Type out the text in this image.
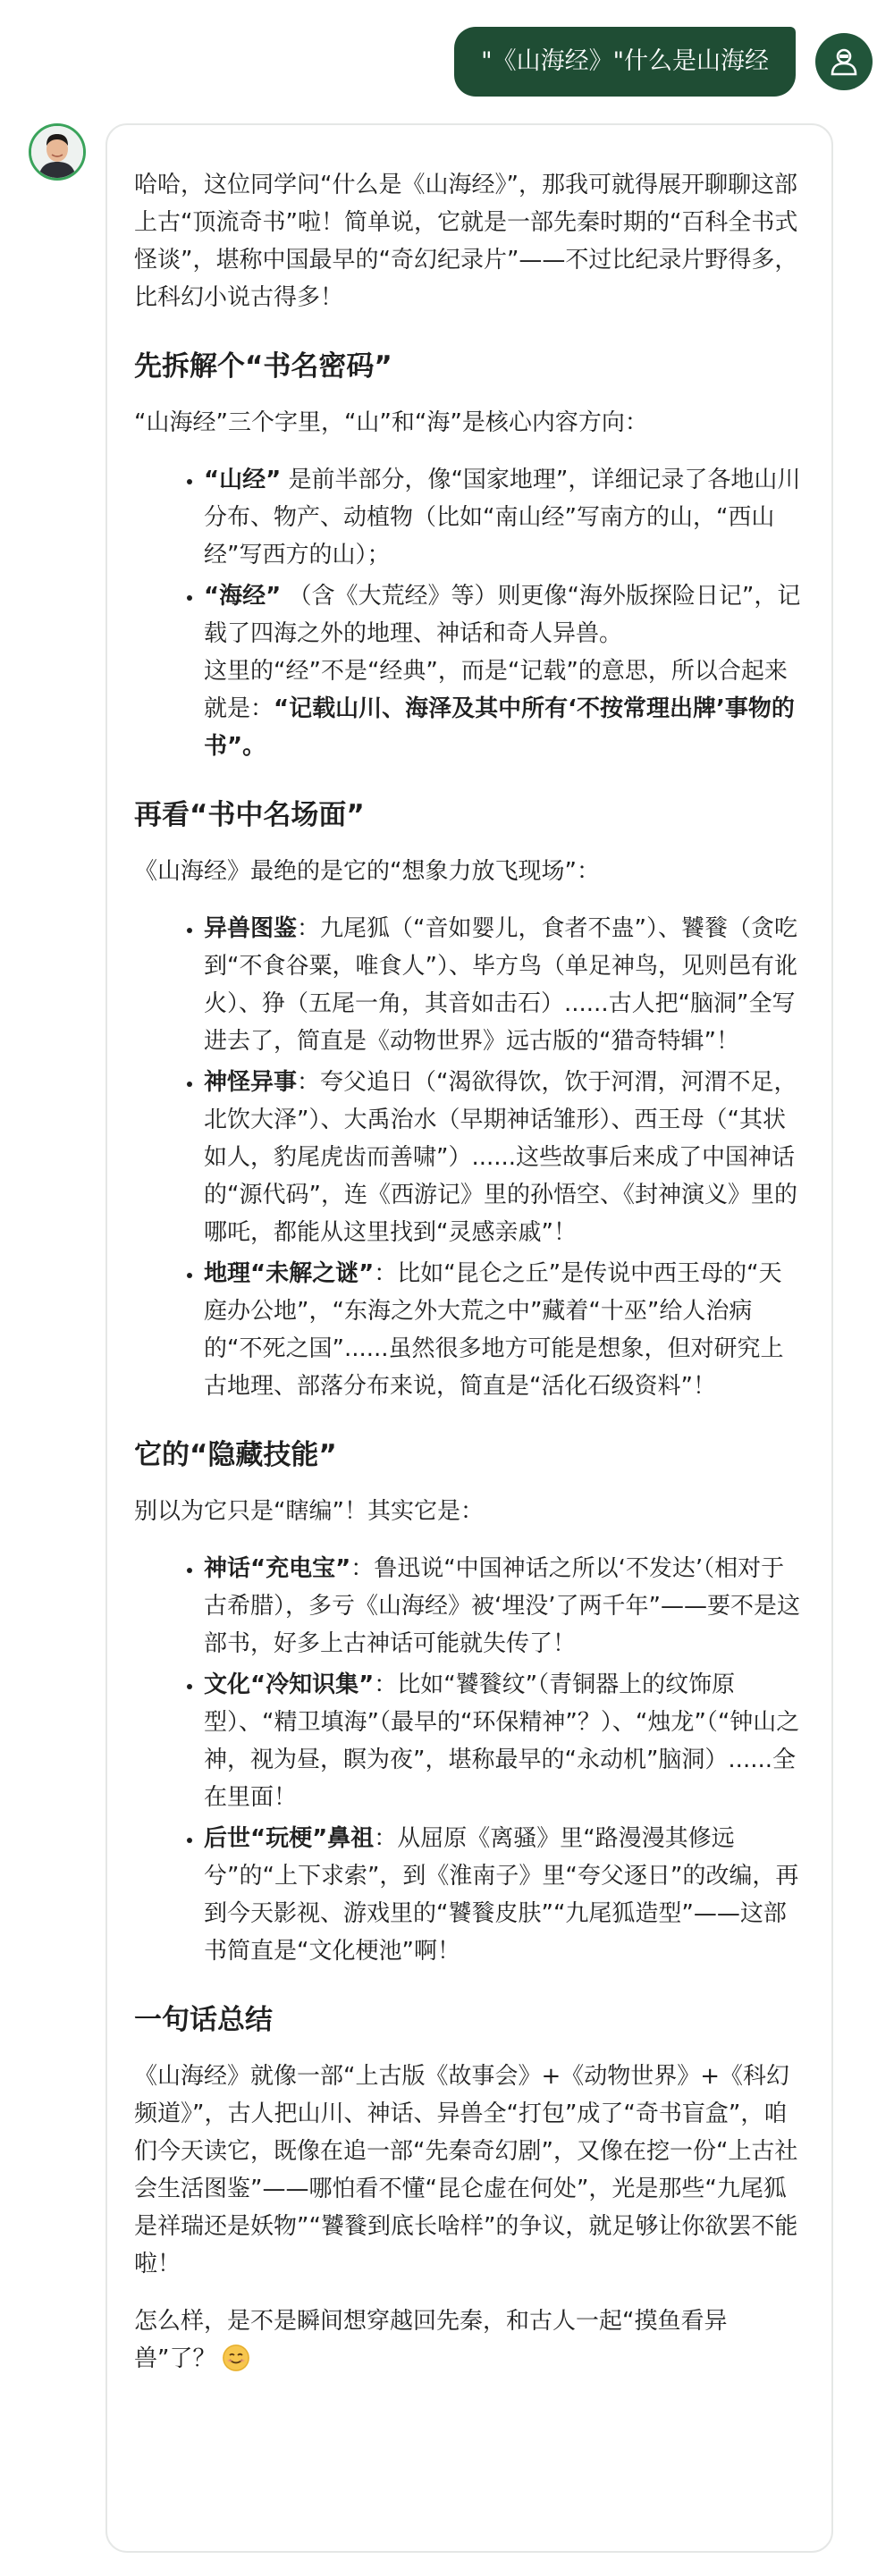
"《山海经》"什么是山海经

哈哈，这位同学问“什么是《山海经》”，那我可就得展开聊聊这部上古“顶流奇书”啦！简单说，它就是一部先秦时期的“百科全书式怪谈”，堪称中国最早的“奇幻纪录片”——不过比纪录片野得多，比科幻小说古得多！

先拆解个“书名密码”

“山海经”三个字里，“山”和“海”是核心内容方向：

• “山经” 是前半部分，像“国家地理”，详细记录了各地山川分布、物产、动植物（比如“南山经”写南方的山，“西山经”写西方的山）；
• “海经” （含《大荒经》等）则更像“海外版探险日记”，记载了四海之外的地理、神话和奇人异兽。
这里的“经”不是“经典”，而是“记载”的意思，所以合起来就是：“记载山川、海泽及其中所有‘不按常理出牌’事物的书”。
再看“书中名场面”

《山海经》最绝的是它的“想象力放飞现场”：

• 异兽图鉴：九尾狐（“音如婴儿，食者不蛊”）、饕餮（贪吃到“不食谷粟，唯食人”）、毕方鸟（单足神鸟，见则邑有讹火）、狰（五尾一角，其音如击石）......古人把“脑洞”全写进去了，简直是《动物世界》远古版的“猎奇特辑”！
• 神怪异事：夸父追日（“渴欲得饮，饮于河渭，河渭不足，北饮大泽”）、大禹治水（早期神话雏形）、西王母（“其状如人，豹尾虎齿而善啸”）......这些故事后来成了中国神话的“源代码”，连《西游记》里的孙悟空、《封神演义》里的哪吒，都能从这里找到“灵感亲戚”！
• 地理“未解之谜”：比如“昆仑之丘”是传说中西王母的“天庭办公地”，“东海之外大荒之中”藏着“十巫”给人治病的“不死之国”......虽然很多地方可能是想象，但对研究上古地理、部落分布来说，简直是“活化石级资料”！
它的“隐藏技能”

别以为它只是“瞎编”！其实它是：

• 神话“充电宝”：鲁迅说“中国神话之所以‘不发达’（相对于古希腊），多亏《山海经》被‘埋没’了两千年”——要不是这部书，好多上古神话可能就失传了！
• 文化“冷知识集”：比如“饕餮纹”（青铜器上的纹饰原型）、“精卫填海”（最早的“环保精神”？）、“烛龙”（“钟山之神，视为昼，瞑为夜”，堪称最早的“永动机”脑洞）......全在里面！
• 后世“玩梗”鼻祖：从屈原《离骚》里“路漫漫其修远兮”的“上下求索”，到《淮南子》里“夸父逐日”的改编，再到今天影视、游戏里的“饕餮皮肤”“九尾狐造型”——这部书简直是“文化梗池”啊！
一句话总结

《山海经》就像一部“上古版《故事会》+《动物世界》+《科幻频道》”，古人把山川、神话、异兽全“打包”成了“奇书盲盒”，咱们今天读它，既像在追一部“先秦奇幻剧”，又像在挖一份“上古社会生活图鉴”——哪怕看不懂“昆仑虚在何处”，光是那些“九尾狐是祥瑞还是妖物”“饕餮到底长啥样”的争议，就足够让你欲罢不能啦！

怎么样，是不是瞬间想穿越回先秦，和古人一起“摸鱼看异兽”了？
